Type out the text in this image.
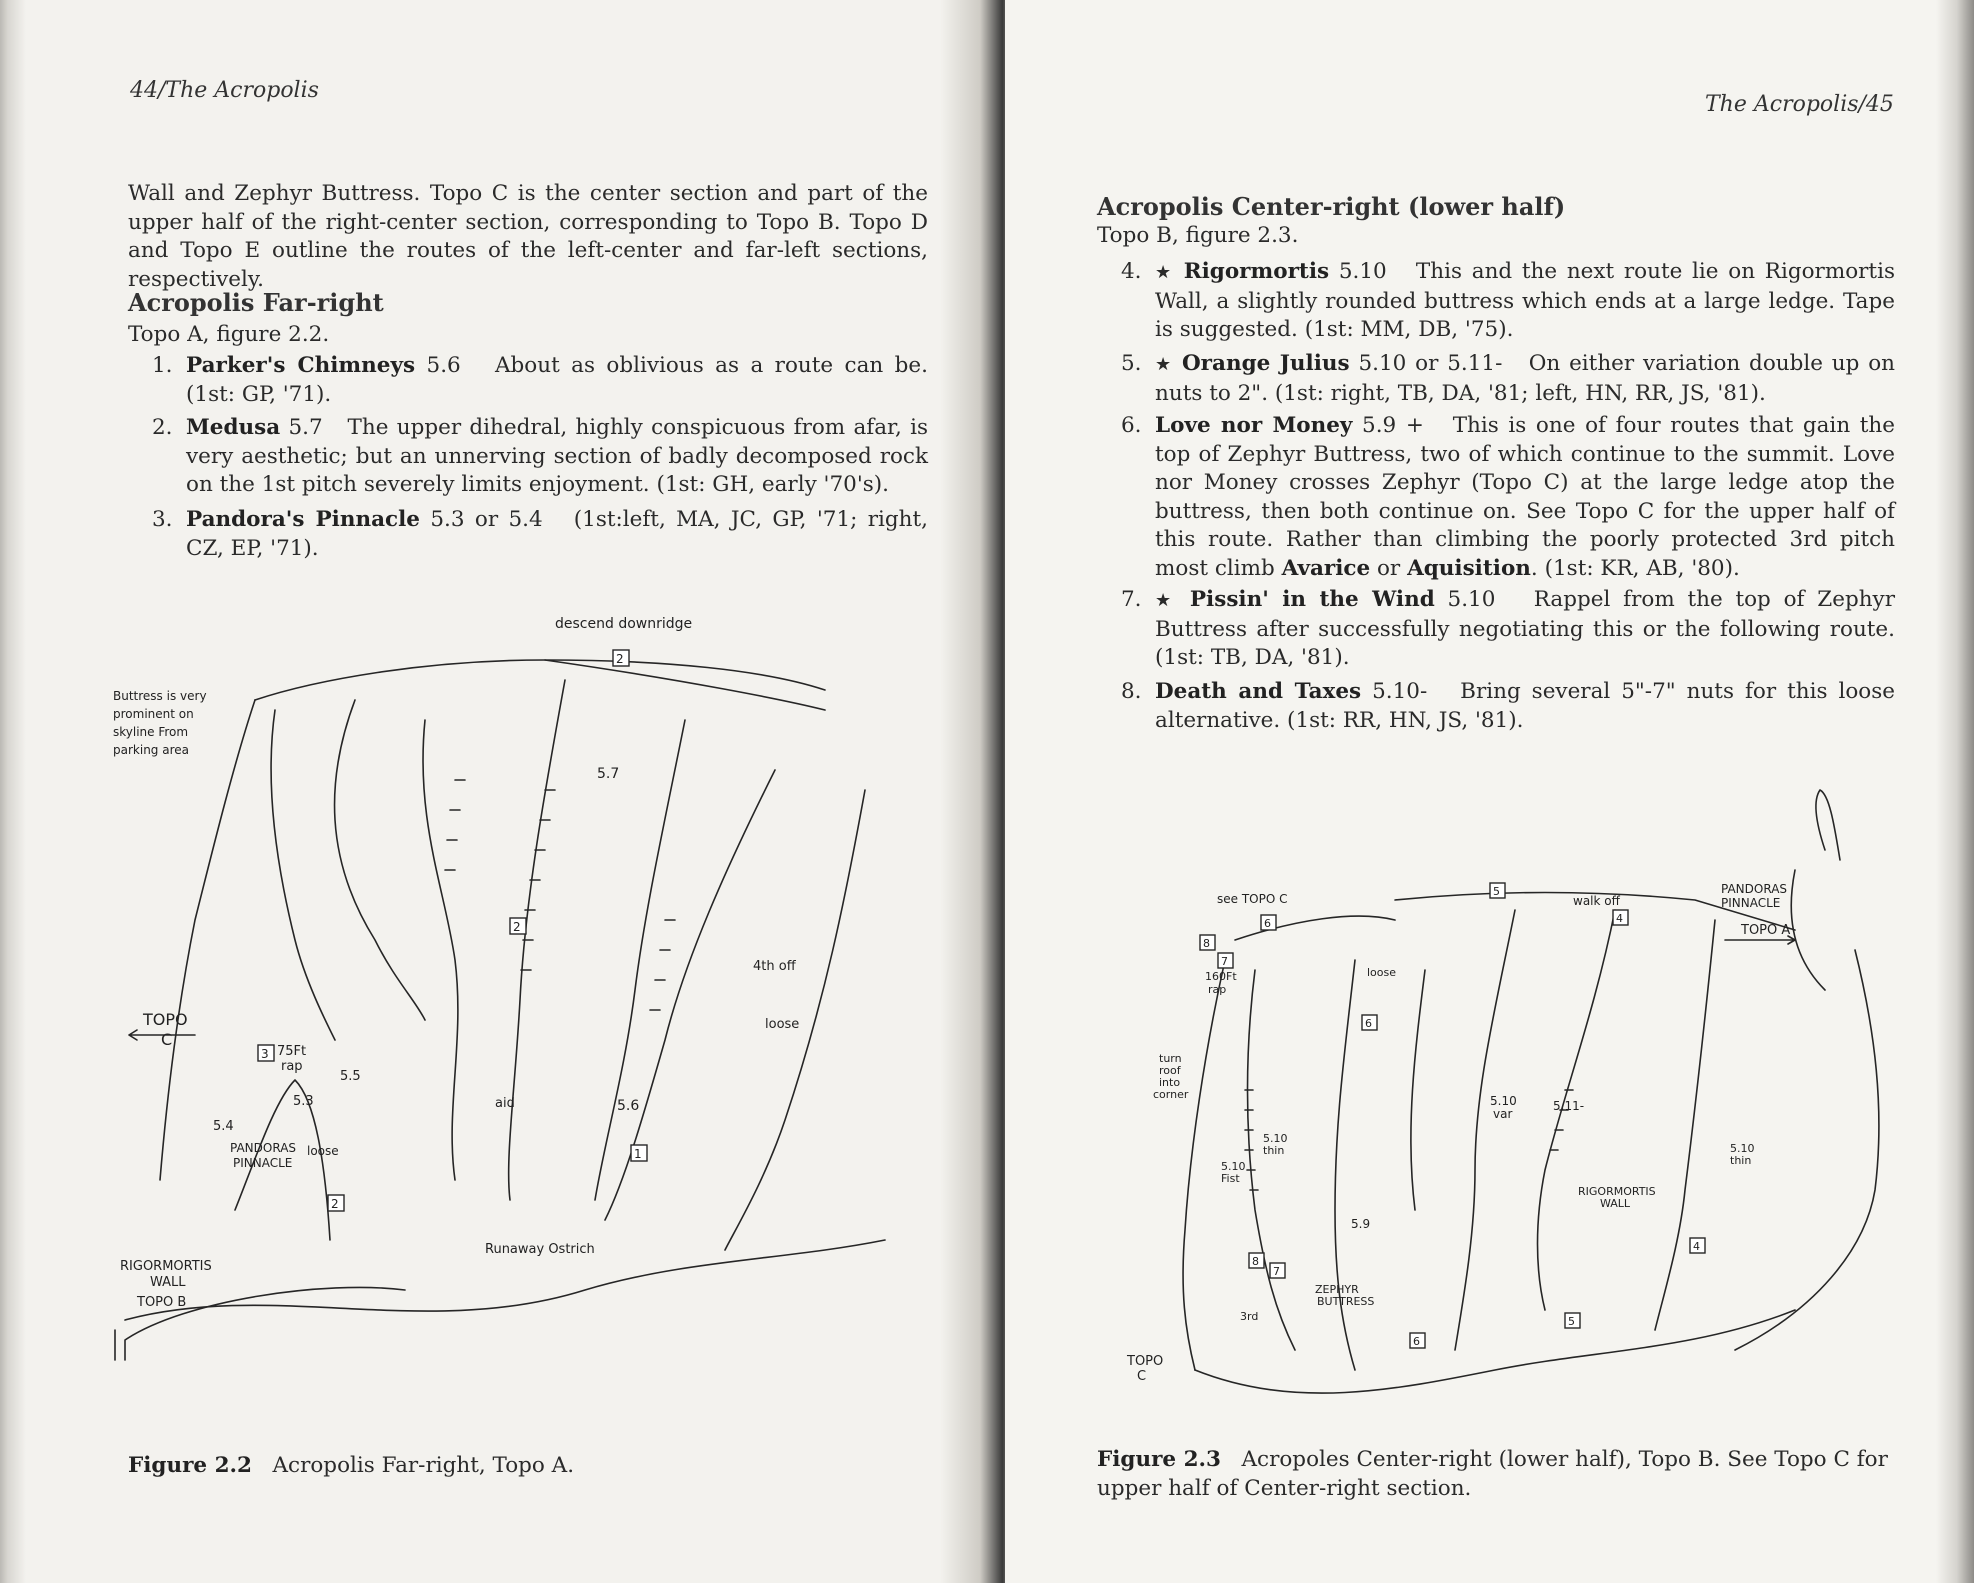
44/The Acropolis

Wall and Zephyr Buttress. Topo C is the center section and part of the upper half of the right-center section, corresponding to Topo B. Topo D and Topo E outline the routes of the left-center and far-left sections, respectively.

Acropolis Far-right
Topo A, figure 2.2.
1. Parker's Chimneys 5.6 About as oblivious as a route can be. (1st: GP, '71).
2. Medusa 5.7 The upper dihedral, highly conspicuous from afar, is very aesthetic; but an unnerving section of badly decomposed rock on the 1st pitch severely limits enjoyment. (1st: GH, early '70's).
3. Pandora's Pinnacle 5.3 or 5.4 (1st:left, MA, JC, GP, '71; right, CZ, EP, '71).
descend downridge
Buttress is very
prominent on
skyline From
parking area
2
5.7
2
4th off
loose
TOPO
C
3 75Ft
rap
5.5
5.3
5.4
loose
aid	5.6
1
PANDORAS
PINNACLE
2
Runaway Ostrich
RIGORMORTIS
WALL
TOPO B
Figure 2.2 Acropolis Far-right, Topo A.
The Acropolis/45
Acropolis Center-right (lower half)
Topo B, figure 2.3.
4. ★ Rigormortis 5.10 This and the next route lie on Rigormortis Wall, a slightly rounded buttress which ends at a large ledge. Tape is suggested. (1st: MM, DB, '75).
5. ★ Orange Julius 5.10 or 5.11- On either variation double up on nuts to 2". (1st: right, TB, DA, '81; left, HN, RR, JS, '81).
6. Love nor Money 5.9 + This is one of four routes that gain the top of Zephyr Buttress, two of which continue to the summit. Love nor Money crosses Zephyr (Topo C) at the large ledge atop the buttress, then both continue on. See Topo C for the upper half of this route. Rather than climbing the poorly protected 3rd pitch most climb Avarice or Aquisition. (1st: KR, AB, '80).
7. ★ Pissin' in the Wind 5.10 Rappel from the top of Zephyr Buttress after successfully negotiating this or the following route. (1st: TB, DA, '81).
8. Death and Taxes 5.10- Bring several 5"-7" nuts for this loose alternative. (1st: RR, HN, JS, '81).
see TOPO C
6
5
walk off
4
PANDORAS
PINNACLE
TOPO A
8
7
160Ft
rap
loose
6
turn
roof
into
corner	5.10
var
5.11-
5.10
thin	5.10
thin
5.10
Fist
RIGORMORTIS
WALL
5.9
4
8
7
ZEPHYR
BUTTRESS
5
3rd
6
TOPO
C
Figure 2.3 Acropoles Center-right (lower half), Topo B. See Topo C for upper half of Center-right section.
